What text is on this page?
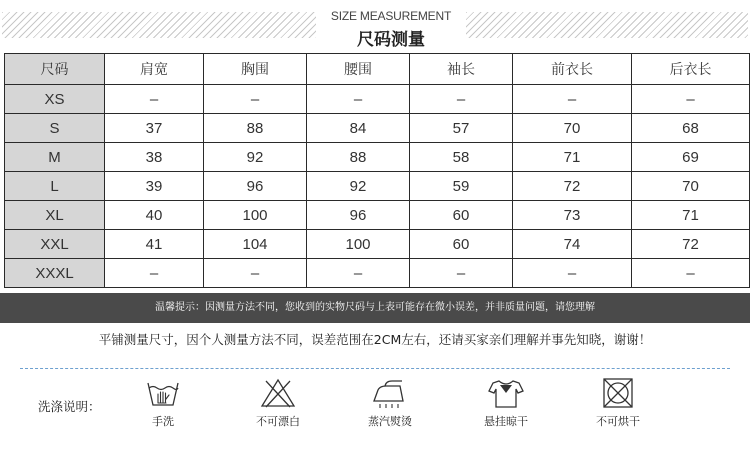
SIZE MEASUREMENT
尺码测量
尺码	肩宽	胸围	腰围	袖长	前衣长	后衣长
XS	–	–	–	–	–	–
S	37	88	84	57	70	68
M	38	92	88	58	71	69
L	39	96	92	59	72	70
XL	40	100	96	60	73	71
XXL	41	104	100	60	74	72
XXXL	–	–	–	–	–	–
温馨提示：因测量方法不同，您收到的实物尺码与上表可能存在微小误差，并非质量问题，请您理解
平铺测量尺寸，因个人测量方法不同，误差范围在2CM左右，还请买家亲们理解并事先知晓，谢谢！
洗涤说明：
手洗	不可漂白	蒸汽熨烫	悬挂晾干	不可烘干
